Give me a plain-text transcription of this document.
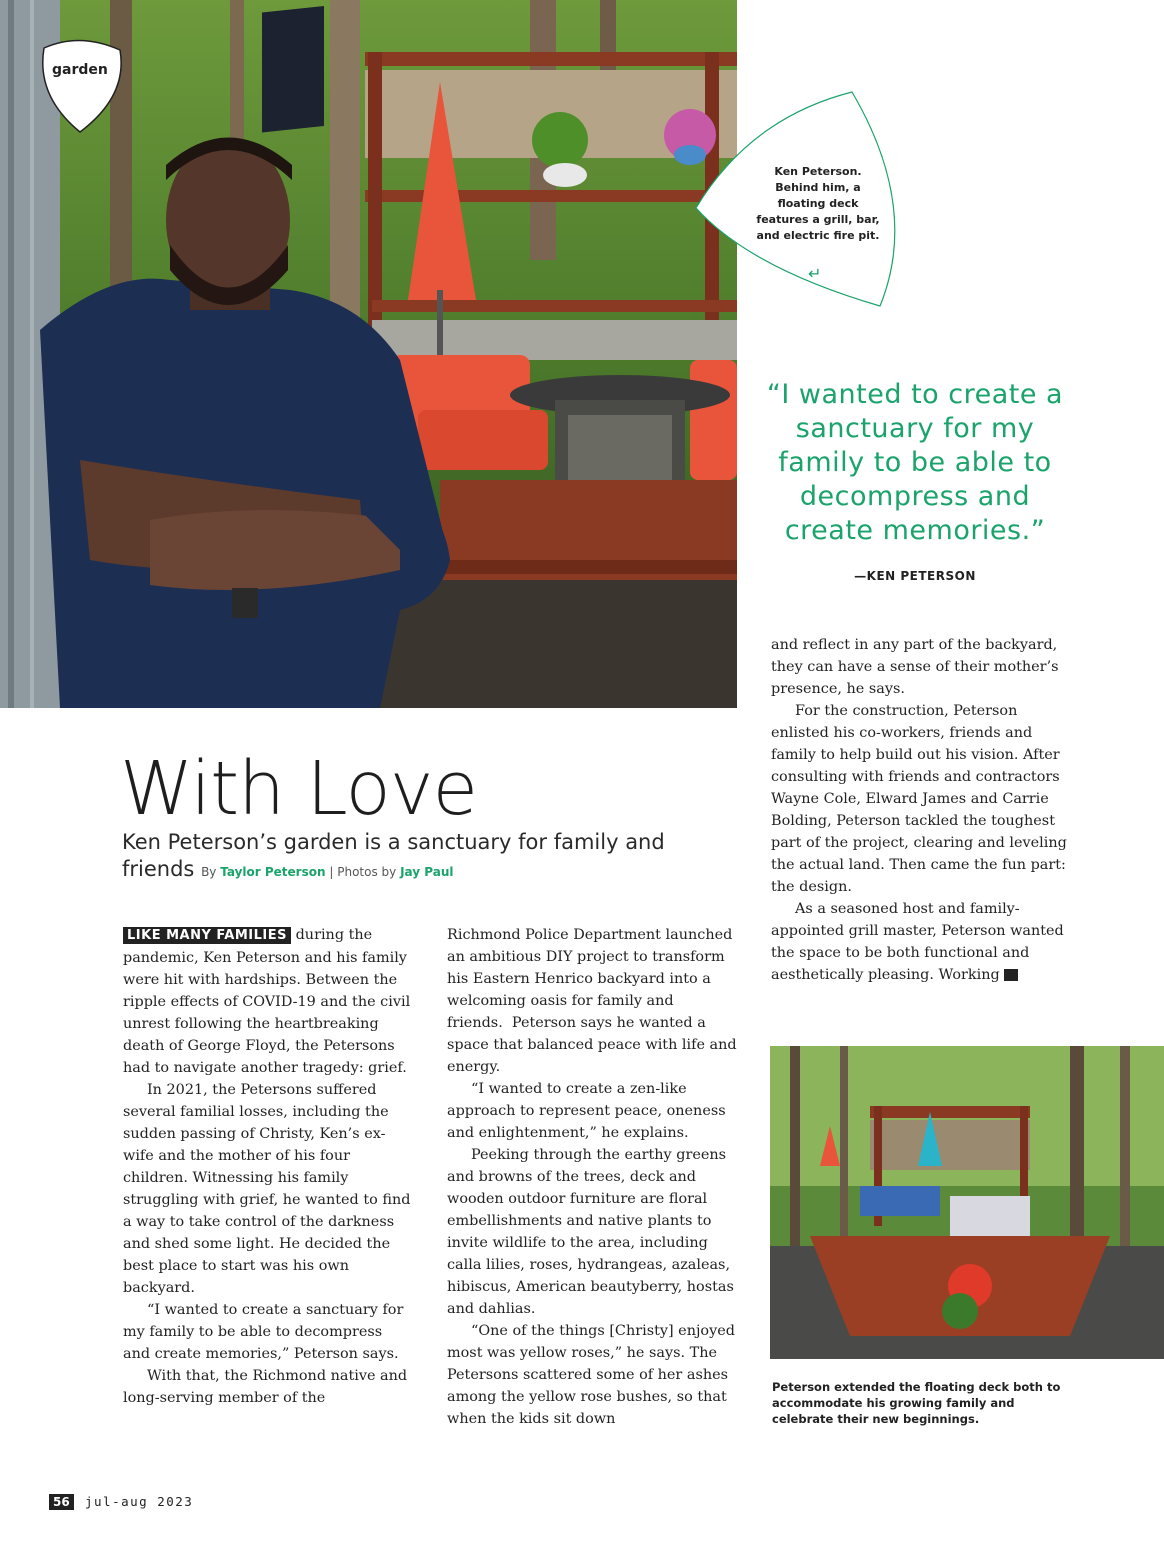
garden
Ken Peterson. Behind him, a floating deck features a grill, bar, and electric fire pit.
↵
“I wanted to create a sanctuary for my family to be able to decompress and create memories.”
—KEN PETERSON
With Love
Ken Peterson’s garden is a sanctuary for family and friends By Taylor Peterson | Photos by Jay Paul

LIKE MANY FAMILIES during the pandemic, Ken Peterson and his family were hit with hardships. Between the ripple effects of COVID-19 and the civil unrest following the heartbreaking death of George Floyd, the Petersons had to navigate another tragedy: grief.

In 2021, the Petersons suffered several familial losses, including the sudden passing of Christy, Ken’s ex-wife and the mother of his four children. Witnessing his family struggling with grief, he wanted to find a way to take control of the darkness and shed some light. He decided the best place to start was his own backyard.

“I wanted to create a sanctuary for my family to be able to decompress and create memories,” Peterson says.

With that, the Richmond native and long-serving member of the

Richmond Police Department launched an ambitious DIY project to transform his Eastern Henrico backyard into a welcoming oasis for family and friends.  Peterson says he wanted a space that balanced peace with life and energy.

“I wanted to create a zen-like approach to represent peace, oneness and enlightenment,” he explains.

Peeking through the earthy greens and browns of the trees, deck and wooden outdoor furniture are floral embellishments and native plants to invite wildlife to the area, including calla lilies, roses, hydrangeas, azaleas, hibiscus, American beautyberry, hostas and dahlias.

“One of the things [Christy] enjoyed most was yellow roses,” he says. The Petersons scattered some of her ashes among the yellow rose bushes, so that when the kids sit down

and reflect in any part of the backyard, they can have a sense of their mother’s presence, he says.

For the construction, Peterson enlisted his co-workers, friends and family to help build out his vision. After consulting with friends and contractors Wayne Cole, Elward James and Carrie Bolding, Peterson tackled the toughest part of the project, clearing and leveling the actual land. Then came the fun part: the design.

As a seasoned host and family-appointed grill master, Peterson wanted the space to be both functional and aesthetically pleasing. Working	➔

Peterson extended the floating deck both to accommodate his growing family and celebrate their new beginnings.
56	jul-aug 2023
